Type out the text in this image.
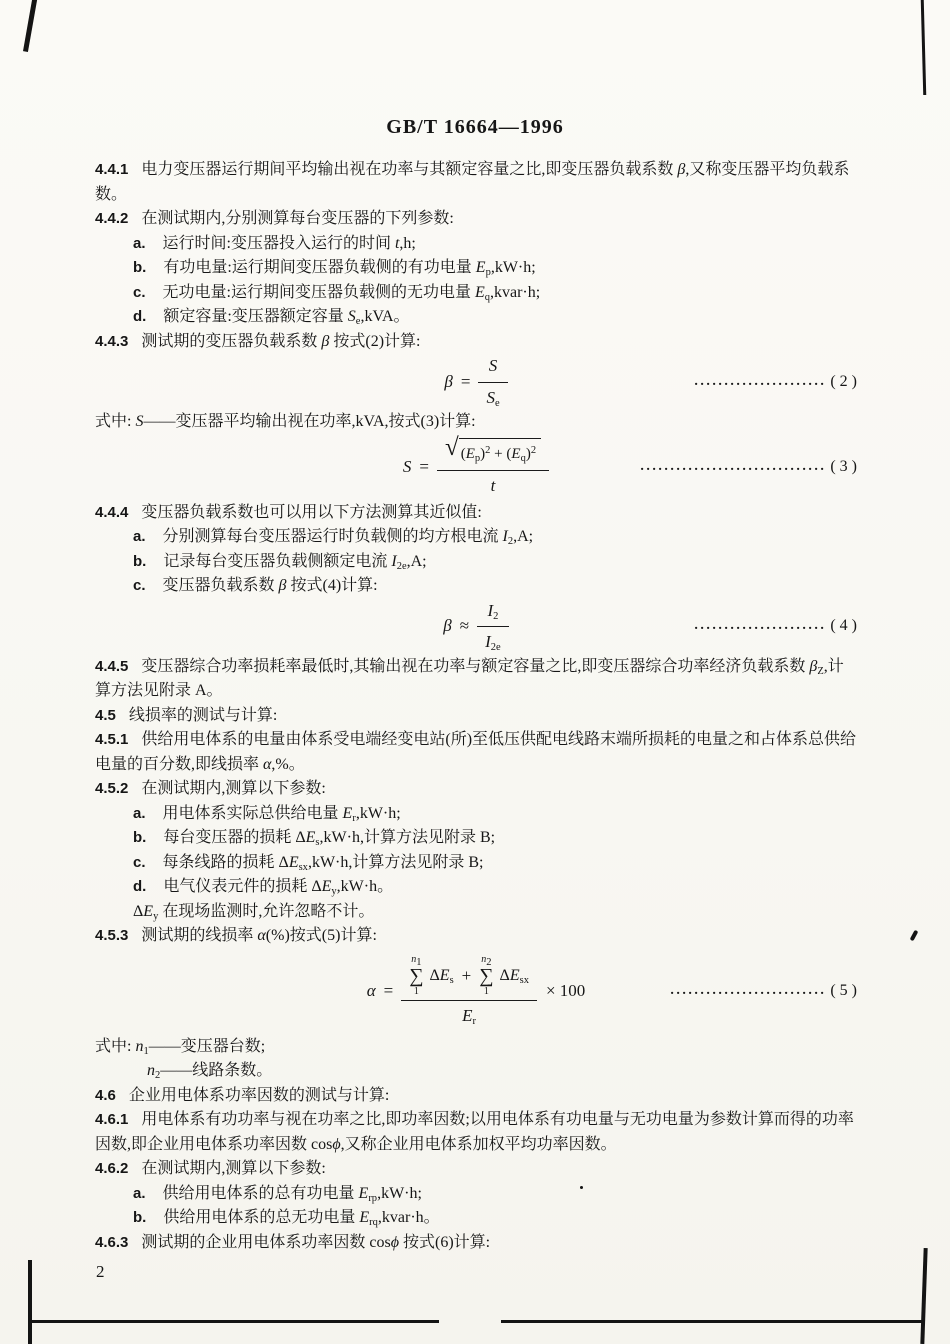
GB/T 16664—1996

4.4.1 电力变压器运行期间平均输出视在功率与其额定容量之比,即变压器负载系数 β,又称变压器平均负载系数。

4.4.2 在测试期内,分别测算每台变压器的下列参数:

a. 运行时间:变压器投入运行的时间 t,h;

b. 有功电量:运行期间变压器负载侧的有功电量 $E_p,kW\cdot h$;

c. 无功电量:运行期间变压器负载侧的无功电量 $E_q,kvar\cdot h$;

d. 额定容量:变压器额定容量 $S_e,kVA$。

4.4.3 测试期的变压器负载系数 β 按式(2)计算:

$\beta = \frac{S}{S_e}$	...................... ( 2 )

式中: S——变压器平均输出视在功率,kVA,按式(3)计算:

$S = \frac{√ (E_p)^2 + (E_q)^2}{t}$	............................... ( 3 )

4.4.4 变压器负载系数也可以用以下方法测算其近似值:

a. 分别测算每台变压器运行时负载侧的均方根电流 $I_2,A$;

b. 记录每台变压器负载侧额定电流 $I_{2e},A$;

c. 变压器负载系数 β 按式(4)计算:

$\beta \approx \frac{I_2}{I_{2e}}$	...................... ( 4 )

4.4.5 变压器综合功率损耗率最低时,其输出视在功率与额定容量之比,即变压器综合功率经济负载系数 $\beta_Z$,计算方法见附录 A。

4.5 线损率的测试与计算:

4.5.1 供给用电体系的电量由体系受电端经变电站(所)至低压供配电线路末端所损耗的电量之和占体系总供给电量的百分数,即线损率 α,%。

4.5.2 在测试期内,测算以下参数:

a. 用电体系实际总供给电量 $E_r,kW\cdot h$;

b. 每台变压器的损耗 $\Delta E_s,kW\cdot h$,计算方法见附录 B;

c. 每条线路的损耗 $\Delta E_{sx},kW\cdot h$,计算方法见附录 B;

d. 电气仪表元件的损耗 $\Delta E_y,kW\cdot h$。

$\Delta E_y$ 在现场监测时,允许忽略不计。

4.5.3 测试期的线损率 α(%)按式(5)计算:

α =
$n_1$
∑
1
$\Delta E_s$ +
$n_2$
∑
1
$\Delta E_{sx}$
$E_r$
× 100	.......................... ( 5 )

式中: $n_1——$变压器台数;

$n_2——$线路条数。

4.6 企业用电体系功率因数的测试与计算:

4.6.1 用电体系有功功率与视在功率之比,即功率因数;以用电体系有功电量与无功电量为参数计算而得的功率因数,即企业用电体系功率因数 cosϕ,又称企业用电体系加权平均功率因数。

4.6.2 在测试期内,测算以下参数:

a. 供给用电体系的总有功电量 $E_{rp},kW\cdot h$;

b. 供给用电体系的总无功电量 $E_{rq},kvar\cdot h$。

4.6.3 测试期的企业用电体系功率因数 cosϕ 按式(6)计算:

2
